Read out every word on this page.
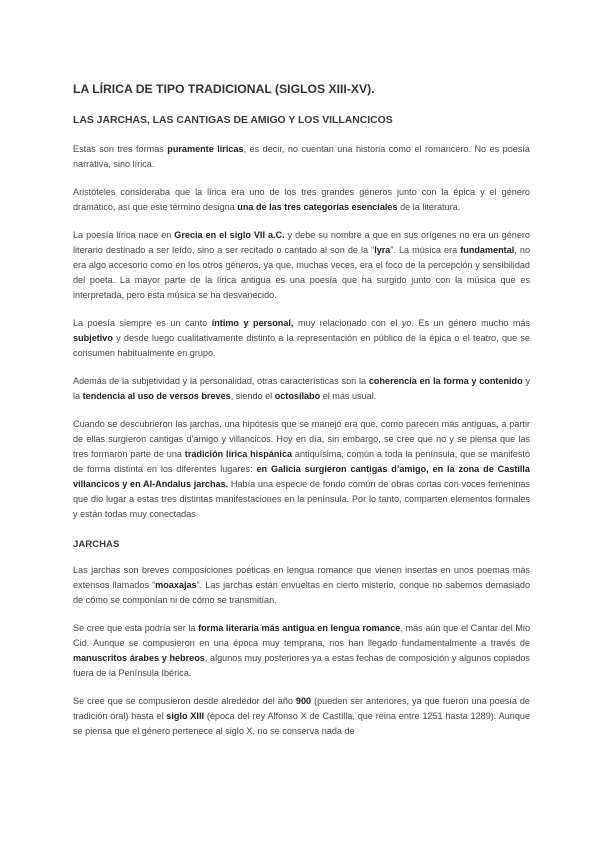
LA LÍRICA DE TIPO TRADICIONAL (SIGLOS XIII-XV).
LAS JARCHAS, LAS CANTIGAS DE AMIGO Y LOS VILLANCICOS

Estas son tres formas puramente líricas, es decir, no cuentan una historia como el romancero. No es poesía narrativa, sino lírica.

Aristóteles consideraba que la lírica era uno de los tres grandes géneros junto con la épica y el género dramático, así que este término designa una de las tres categorías esenciales de la literatura.

La poesía lírica nace en Grecia en el siglo VII a.C. y debe su nombre a que en sus orígenes no era un género literario destinado a ser leído, sino a ser recitado o cantado al son de la “lyra”. La música era fundamental, no era algo accesorio como en los otros géneros, ya que, muchas veces, era el foco de la percepción y sensibilidad del poeta. La mayor parte de la lírica antigua es una poesía que ha surgido junto con la música que es interpretada, pero esta música se ha desvanecido.

La poesía siempre es un canto íntimo y personal, muy relacionado con el yo. Es un género mucho más subjetivo y desde luego cualitativamente distinto a la representación en público de la épica o el teatro, que se consumen habitualmente en grupo.

Además de la subjetividad y la personalidad, otras características son la coherencia en la forma y contenido y la tendencia al uso de versos breves, siendo el octosílabo el más usual.

Cuando se descubrieron las jarchas, una hipótesis que se manejó era que, como parecen más antiguas, a partir de ellas surgieron cantigas d’amigo y villancicos. Hoy en día, sin embargo, se cree que no y se piensa que las tres formaron parte de una tradición lírica hispánica antiquísima, común a toda la península, que se manifestó de forma distinta en los diferentes lugares: en Galicia surgieron cantigas d’amigo, en la zona de Castilla villancicos y en Al-Andalus jarchas. Había una especie de fondo común de obras cortas con voces femeninas que dio lugar a estas tres distintas manifestaciones en la península. Por lo tanto, comparten elementos formales y están todas muy conectadas

JARCHAS

Las jarchas son breves composiciones poéticas en lengua romance que vienen insertas en unos poemas más extensos llamados “moaxajas”. Las jarchas están envueltas en cierto misterio, conque no sabemos demasiado de cómo se componían ni de cómo se transmitían.

Se cree que esta podría ser la forma literaria más antigua en lengua romance, más aún que el Cantar del Mio Cid. Aunque se compusieron en una época muy temprana, nos han llegado fundamentalmente a través de manuscritos árabes y hebreos, algunos muy posteriores ya a estas fechas de composición y algunos copiados fuera de la Península Ibérica.

Se cree que se compusieron desde alrededor del año 900 (pueden ser anteriores, ya que fueron una poesía de tradición oral) hasta el siglo XIII (época del rey Alfonso X de Castilla, que reina entre 1251 hasta 1289). Aunque se piensa que el género pertenece al siglo X, no se conserva nada de
